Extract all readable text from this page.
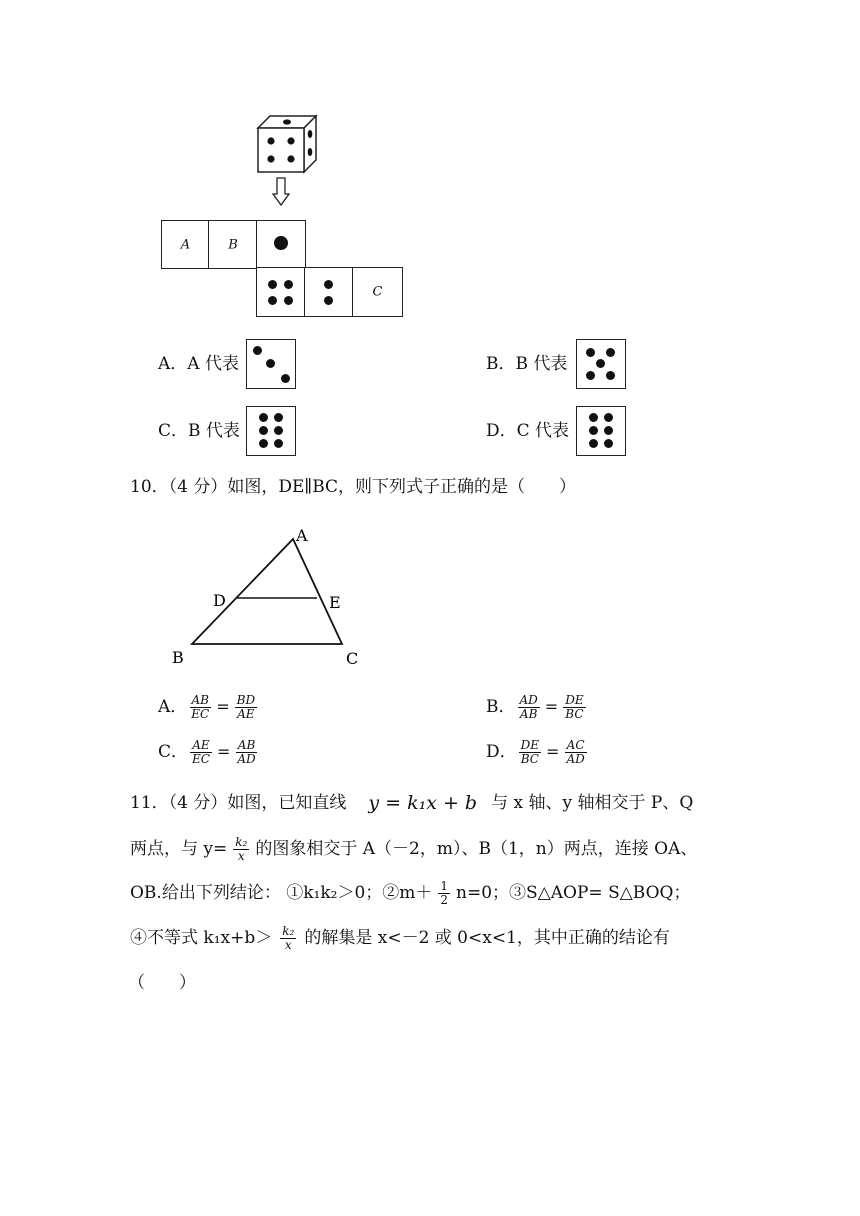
A	B
C
A． A 代表	B． B 代表
C． B 代表	D． C 代表
10．（4 分）如图，DE∥BC，则下列式子正确的是（　　）
A
D	E
B	C
A． $\frac{AB}{EC} = \frac{BD}{AE}$	B． $\frac{AD}{AB} = \frac{DE}{BC}$
C． $\frac{AE}{EC} = \frac{AB}{AD}$	D． $\frac{DE}{BC} = \frac{AC}{AD}$
11．（4 分）如图，已知直线 y = k₁x + b 与 x 轴、y 轴相交于 P、Q
两点，与 $y= \frac{\text{k₂}}{x}$ 的图象相交于 A（－2，m）、B（1，n）两点，连接 OA、
OB.给出下列结论： ①k₁k₂＞0；②m＋ $\frac{1}{2} n=0$；③S△AOP= S△BOQ；
④不等式 $k_1x+b> \frac{\text{k₂}}{x}$ 的解集是 x<－2 或 0<x<1，其中正确的结论有
（　　）
